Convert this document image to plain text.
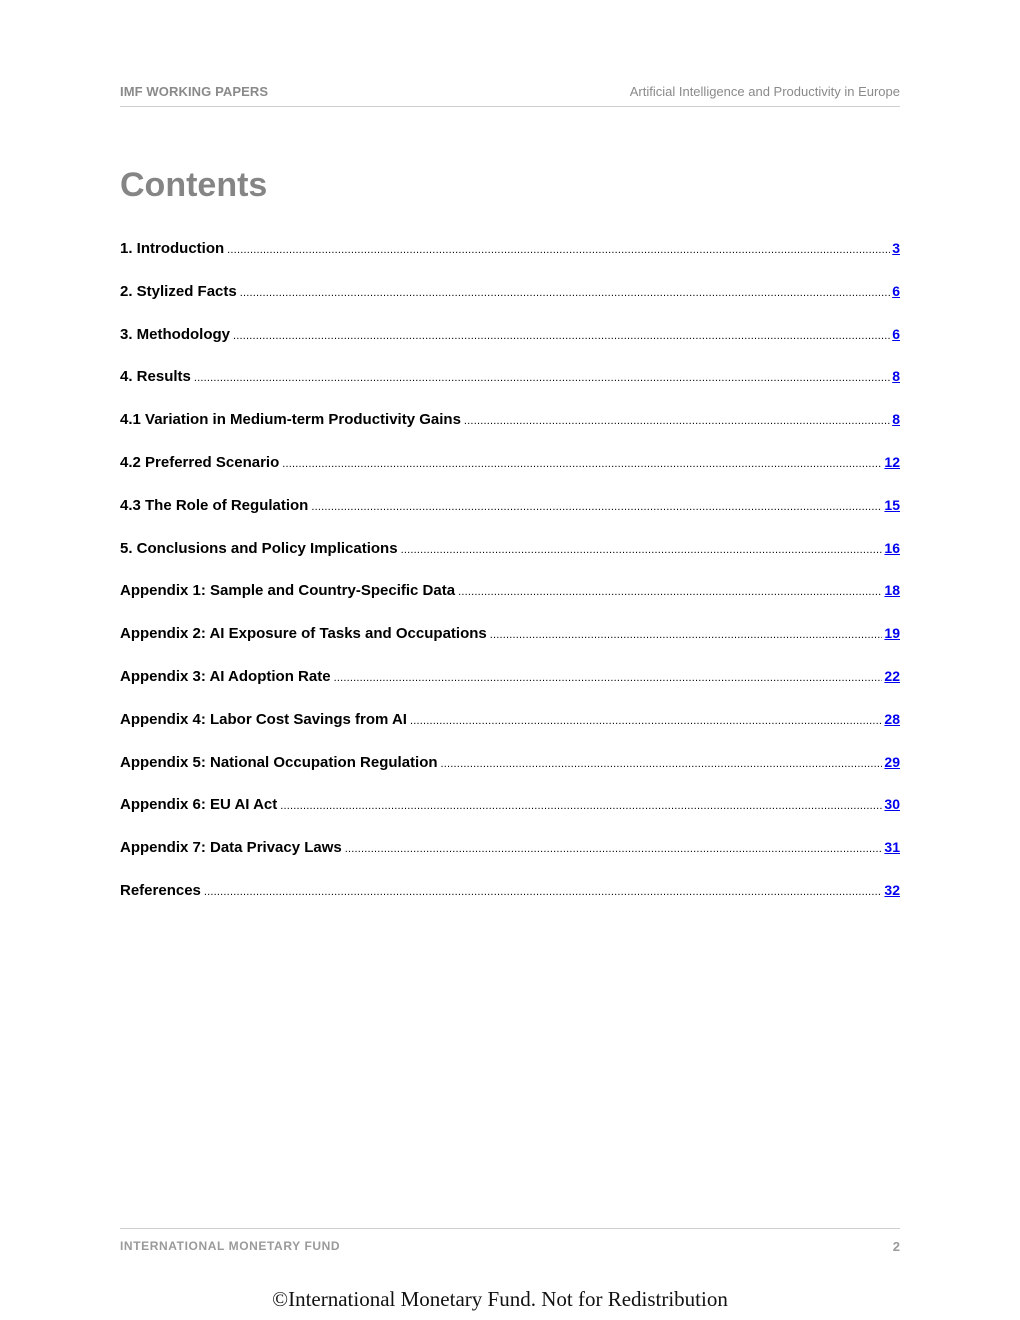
IMF WORKING PAPERS	Artificial Intelligence and Productivity in Europe
Contents
1. Introduction .....	3
2. Stylized Facts .....	6
3. Methodology .....	6
4. Results .....	8
4.1 Variation in Medium-term Productivity Gains .....	8
4.2 Preferred Scenario .....	12
4.3 The Role of Regulation .....	15
5. Conclusions and Policy Implications .....	16
Appendix 1: Sample and Country-Specific Data .....	18
Appendix 2: AI Exposure of Tasks and Occupations .....	19
Appendix 3: AI Adoption Rate .....	22
Appendix 4: Labor Cost Savings from AI .....	28
Appendix 5: National Occupation Regulation .....	29
Appendix 6: EU AI Act .....	30
Appendix 7: Data Privacy Laws .....	31
References .....	32
INTERNATIONAL MONETARY FUND	2
©International Monetary Fund. Not for Redistribution
